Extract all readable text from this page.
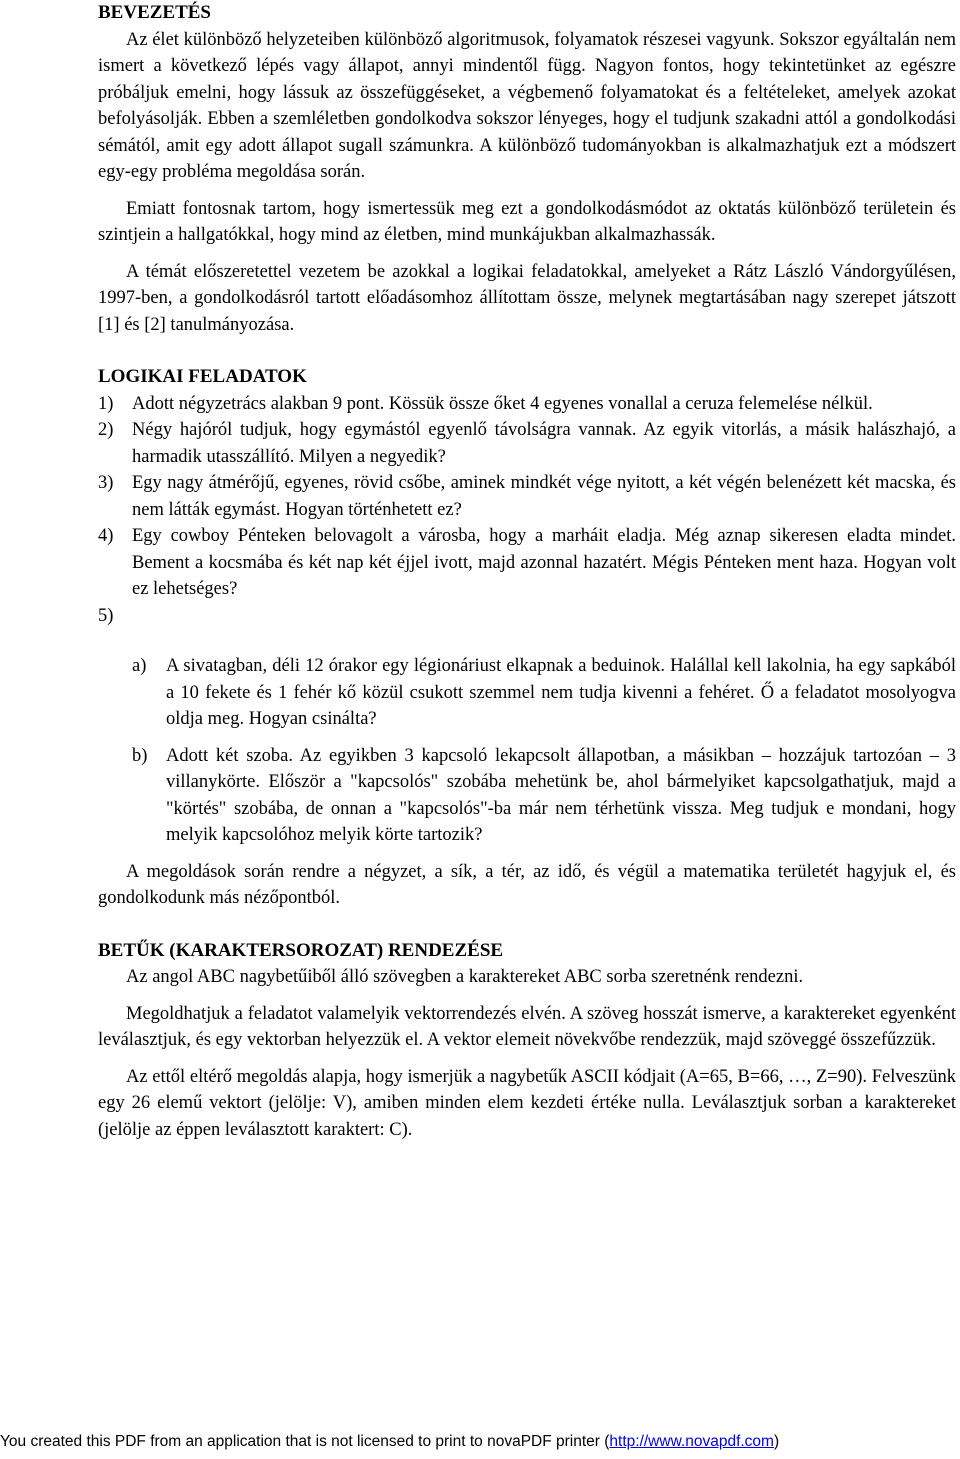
BEVEZETÉS

Az élet különböző helyzeteiben különböző algoritmusok, folyamatok részesei vagyunk. Sokszor egyáltalán nem ismert a következő lépés vagy állapot, annyi mindentől függ. Nagyon fontos, hogy tekintetünket az egészre próbáljuk emelni, hogy lássuk az összefüggéseket, a végbemenő folyamatokat és a feltételeket, amelyek azokat befolyásolják. Ebben a szemléletben gondolkodva sokszor lényeges, hogy el tudjunk szakadni attól a gondolkodási sémától, amit egy adott állapot sugall számunkra. A különböző tudományokban is alkalmazhatjuk ezt a módszert egy-egy probléma megoldása során.

Emiatt fontosnak tartom, hogy ismertessük meg ezt a gondolkodásmódot az oktatás különböző területein és szintjein a hallgatókkal, hogy mind az életben, mind munkájukban alkalmazhassák.

A témát előszeretettel vezetem be azokkal a logikai feladatokkal, amelyeket a Rátz László Vándorgyűlésen, 1997-ben, a gondolkodásról tartott előadásomhoz állítottam össze, melynek megtartásában nagy szerepet játszott [1] és [2] tanulmányozása.

LOGIKAI FELADATOK
1)	Adott négyzetrács alakban 9 pont. Kössük össze őket 4 egyenes vonallal a ceruza felemelése nélkül.
2)	Négy hajóról tudjuk, hogy egymástól egyenlő távolságra vannak. Az egyik vitorlás, a másik halászhajó, a harmadik utasszállító. Milyen a negyedik?
3)	Egy nagy átmérőjű, egyenes, rövid csőbe, aminek mindkét vége nyitott, a két végén belenézett két macska, és nem látták egymást. Hogyan történhetett ez?
4)	Egy cowboy Pénteken belovagolt a városba, hogy a marháit eladja. Még aznap sikeresen eladta mindet. Bement a kocsmába és két nap két éjjel ivott, majd azonnal hazatért. Mégis Pénteken ment haza. Hogyan volt ez lehetséges?
5)
a)	A sivatagban, déli 12 órakor egy légionáriust elkapnak a beduinok. Halállal kell lakolnia, ha egy sapkából a 10 fekete és 1 fehér kő közül csukott szemmel nem tudja kivenni a fehéret. Ő a feladatot mosolyogva oldja meg. Hogyan csinálta?
b)	Adott két szoba. Az egyikben 3 kapcsoló lekapcsolt állapotban, a másikban – hozzájuk tartozóan – 3 villanykörte. Először a "kapcsolós" szobába mehetünk be, ahol bármelyiket kapcsolgathatjuk, majd a "körtés" szobába, de onnan a "kapcsolós"-ba már nem térhetünk vissza. Meg tudjuk e mondani, hogy melyik kapcsolóhoz melyik körte tartozik?

A megoldások során rendre a négyzet, a sík, a tér, az idő, és végül a matematika területét hagyjuk el, és gondolkodunk más nézőpontból.

BETŰK (KARAKTERSOROZAT) RENDEZÉSE

Az angol ABC nagybetűiből álló szövegben a karaktereket ABC sorba szeretnénk rendezni.

Megoldhatjuk a feladatot valamelyik vektorrendezés elvén. A szöveg hosszát ismerve, a karaktereket egyenként leválasztjuk, és egy vektorban helyezzük el. A vektor elemeit növekvőbe rendezzük, majd szöveggé összefűzzük.

Az ettől eltérő megoldás alapja, hogy ismerjük a nagybetűk ASCII kódjait (A=65, B=66, …, Z=90). Felveszünk egy 26 elemű vektort (jelölje: V), amiben minden elem kezdeti értéke nulla. Leválasztjuk sorban a karaktereket (jelölje az éppen leválasztott karaktert: C).

You created this PDF from an application that is not licensed to print to novaPDF printer (http://www.novapdf.com)
